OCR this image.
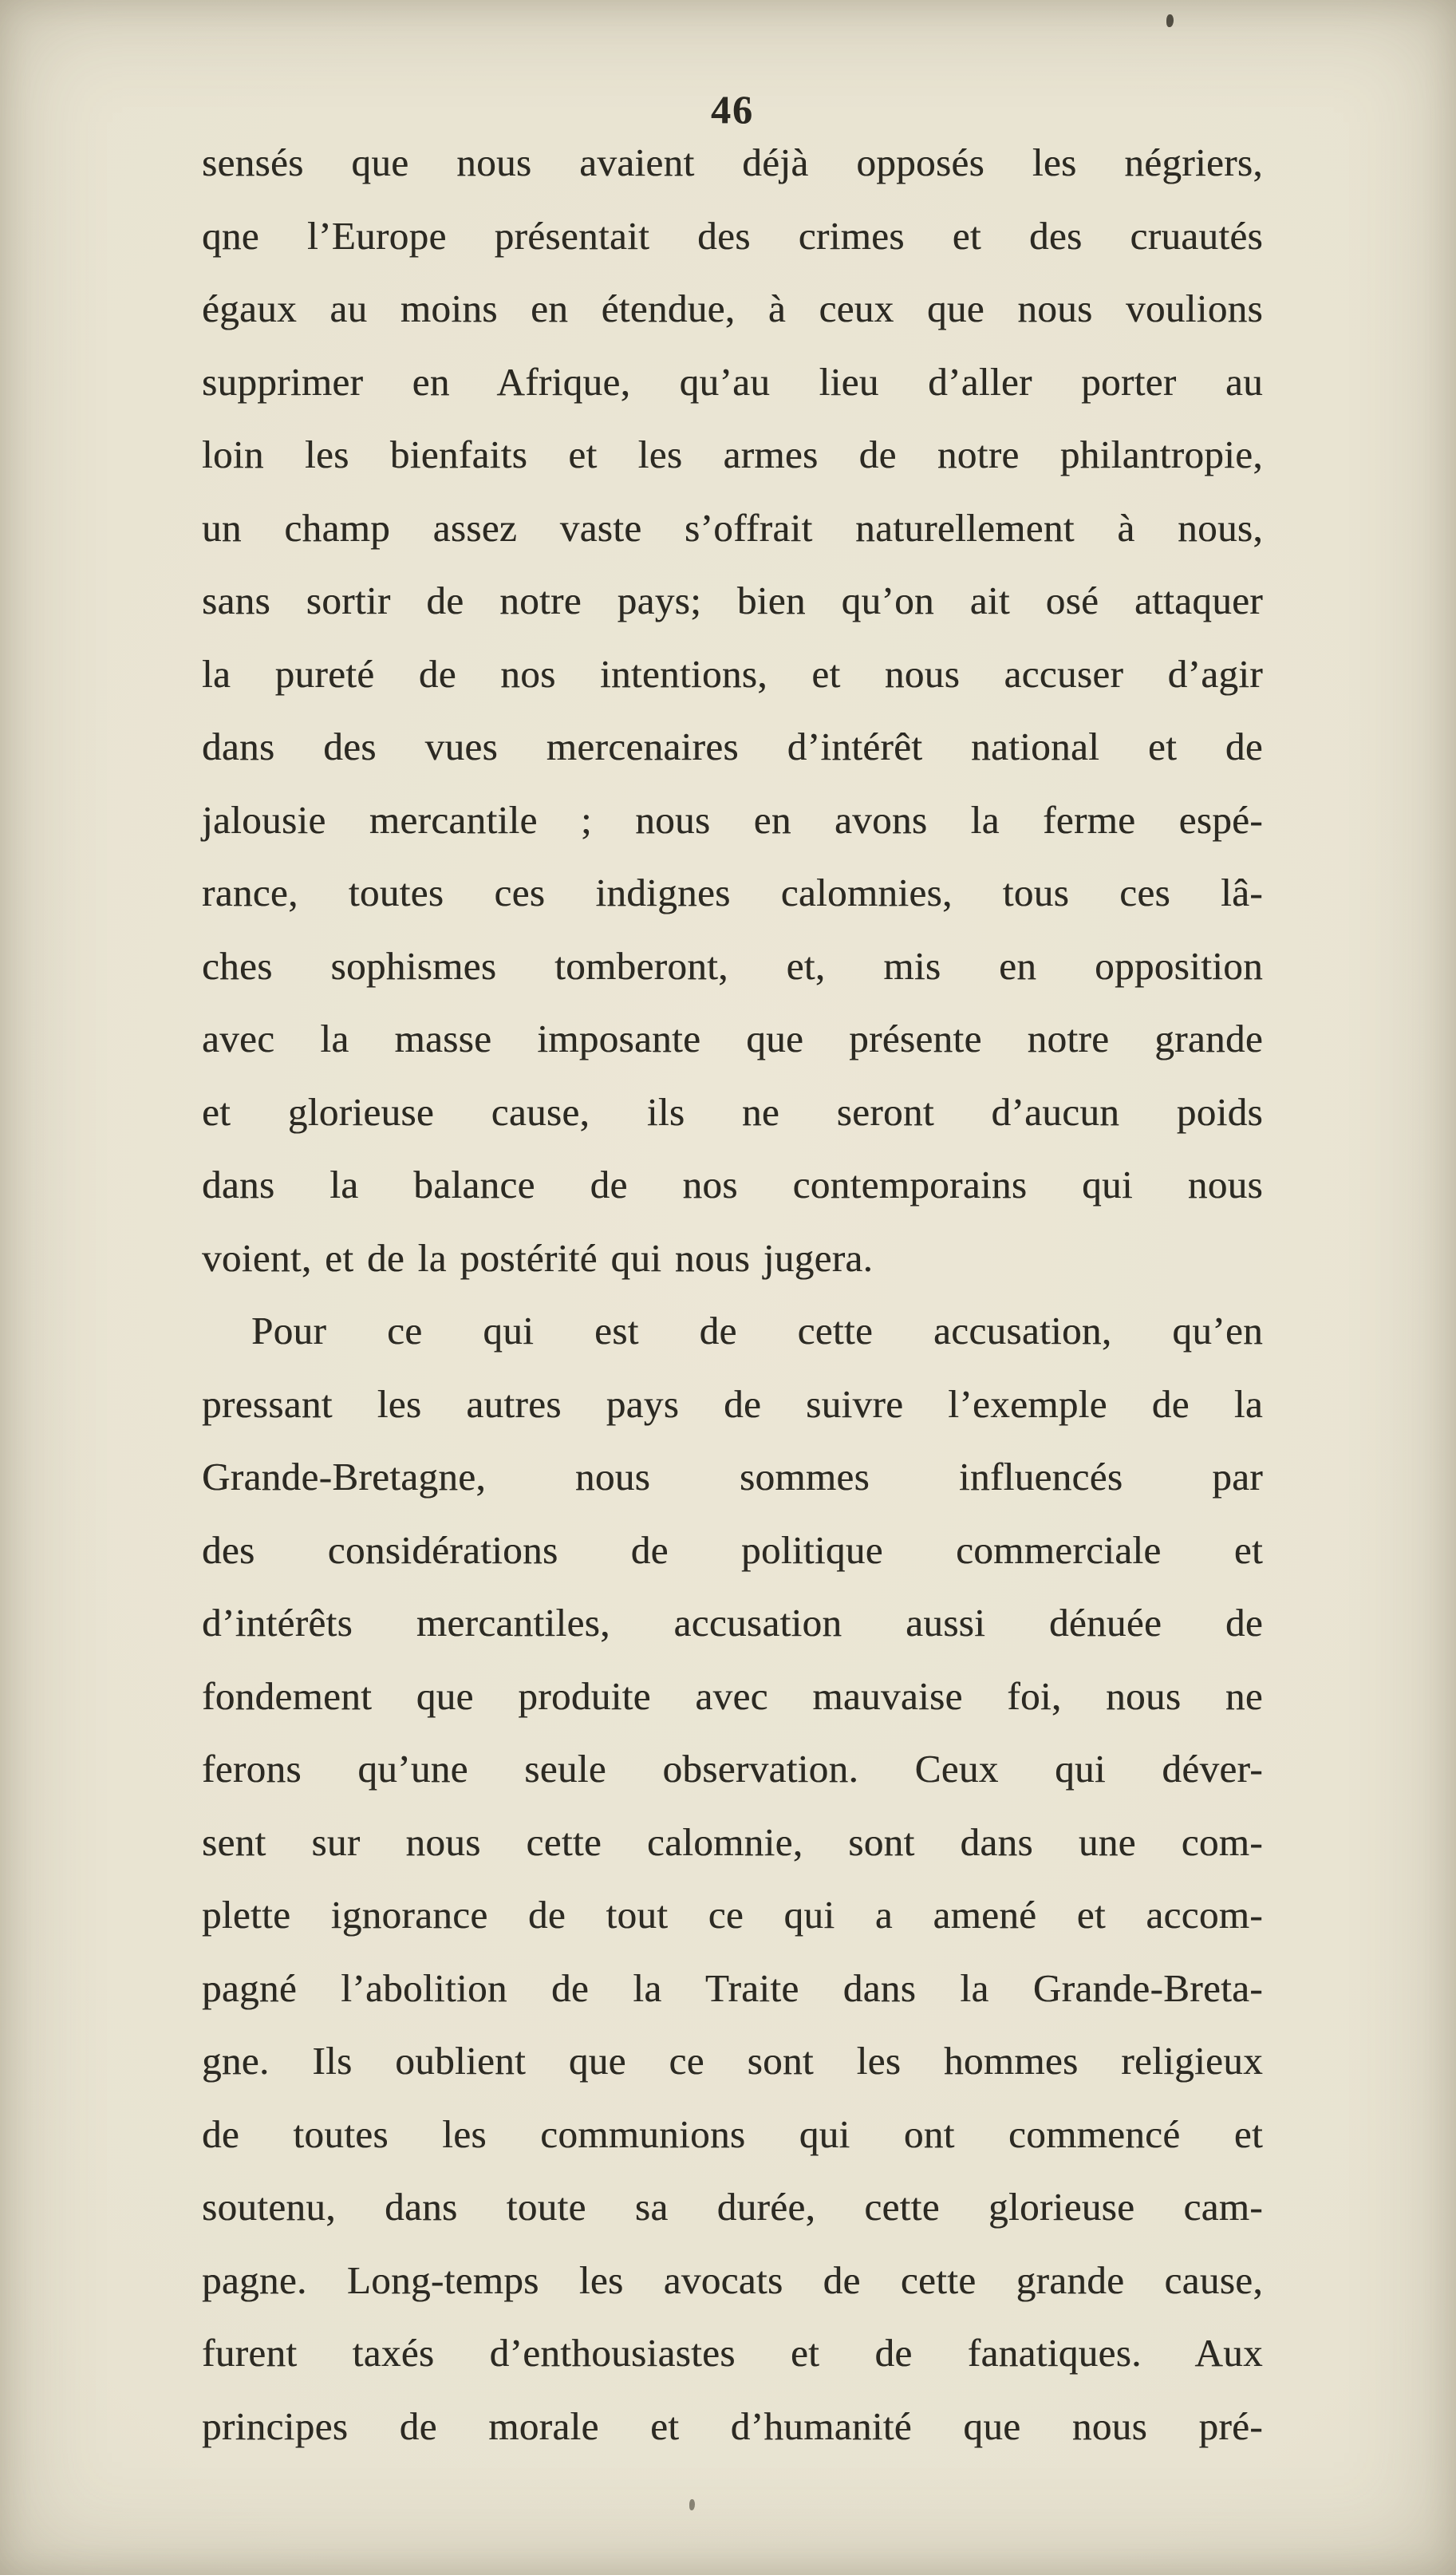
46
sensés que nous avaient déjà opposés les négriers,
qne l’Europe présentait des crimes et des cruautés
égaux au moins en étendue, à ceux que nous voulions
supprimer en Afrique, qu’au lieu d’aller porter au
loin les bienfaits et les armes de notre philantropie,
un champ assez vaste s’offrait naturellement à nous,
sans sortir de notre pays; bien qu’on ait osé attaquer
la pureté de nos intentions, et nous accuser d’agir
dans des vues mercenaires d’intérêt national et de
jalousie mercantile ; nous en avons la ferme espé-
rance, toutes ces indignes calomnies, tous ces lâ-
ches sophismes tomberont, et, mis en opposition
avec la masse imposante que présente notre grande
et glorieuse cause, ils ne seront d’aucun poids
dans la balance de nos contemporains qui nous
voient, et de la postérité qui nous jugera.
Pour ce qui est de cette accusation, qu’en
pressant les autres pays de suivre l’exemple de la
Grande-Bretagne, nous sommes influencés par
des considérations de politique commerciale et
d’intérêts mercantiles, accusation aussi dénuée de
fondement que produite avec mauvaise foi, nous ne
ferons qu’une seule observation. Ceux qui déver-
sent sur nous cette calomnie, sont dans une com-
plette ignorance de tout ce qui a amené et accom-
pagné l’abolition de la Traite dans la Grande-Breta-
gne. Ils oublient que ce sont les hommes religieux
de toutes les communions qui ont commencé et
soutenu, dans toute sa durée, cette glorieuse cam-
pagne. Long-temps les avocats de cette grande cause,
furent taxés d’enthousiastes et de fanatiques. Aux
principes de morale et d’humanité que nous pré-
